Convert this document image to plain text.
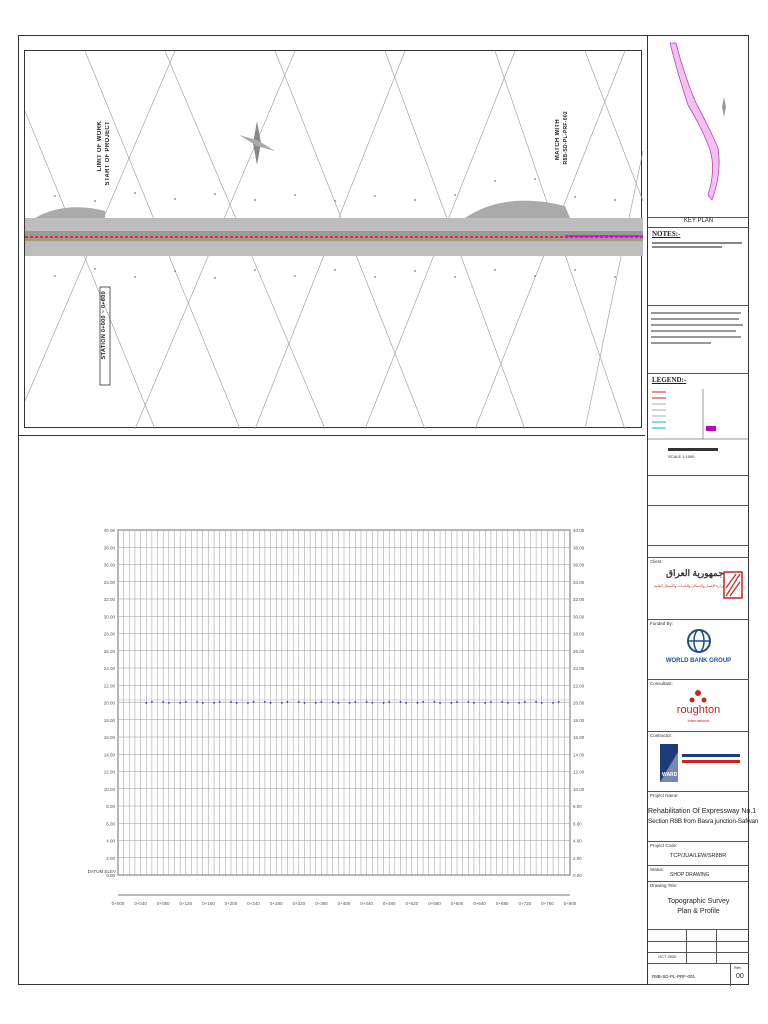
LIMIT OF WORK START OF PROJECT
STATION 0+000 ~ 0+800
MATCH WITH R8B-SD-PL-PRF-002
40.00	40.00
38.00	38.00
36.00	36.00
34.00	34.00
32.00	32.00
30.00	30.00
28.00	28.00
26.00	26.00
24.00	24.00
22.00	22.00
20.00	20.00
18.00	18.00
16.00	16.00
14.00	14.00
12.00	12.00
10.00	10.00
8.00	8.00
6.00	6.00
4.00	4.00
2.00	2.00
0.00	0.00
0+000 0+040 0+080 0+120 0+160 0+200 0+240 0+280 0+320 0+360 0+400 0+440 0+480 0+520 0+560 0+600 0+640 0+680 0+720 0+760 0+800
DATUM ELEV
KEY PLAN
NOTES:-
LEGEND:-
SCALE 1:1000
Client:
جمهورية العراق
وزارة الإعمار والإسكان والبلديات والأشغال العامة
Funded By:
WORLD BANK GROUP
Consultant:
roughton
international
Contractor:
WARD
Project Name:
Rehabilitation Of Expressway No.1
Section R8B from Basra junction-Safwan
Project Code:
TCP/JUA/LEW/SR8BR
Status:
SHOP DRAWING
Drawing Title:
Topographic Survey
Plan & Profile
OCT 2020
R8B-SD-PL-PRF-001
Rev.
00
